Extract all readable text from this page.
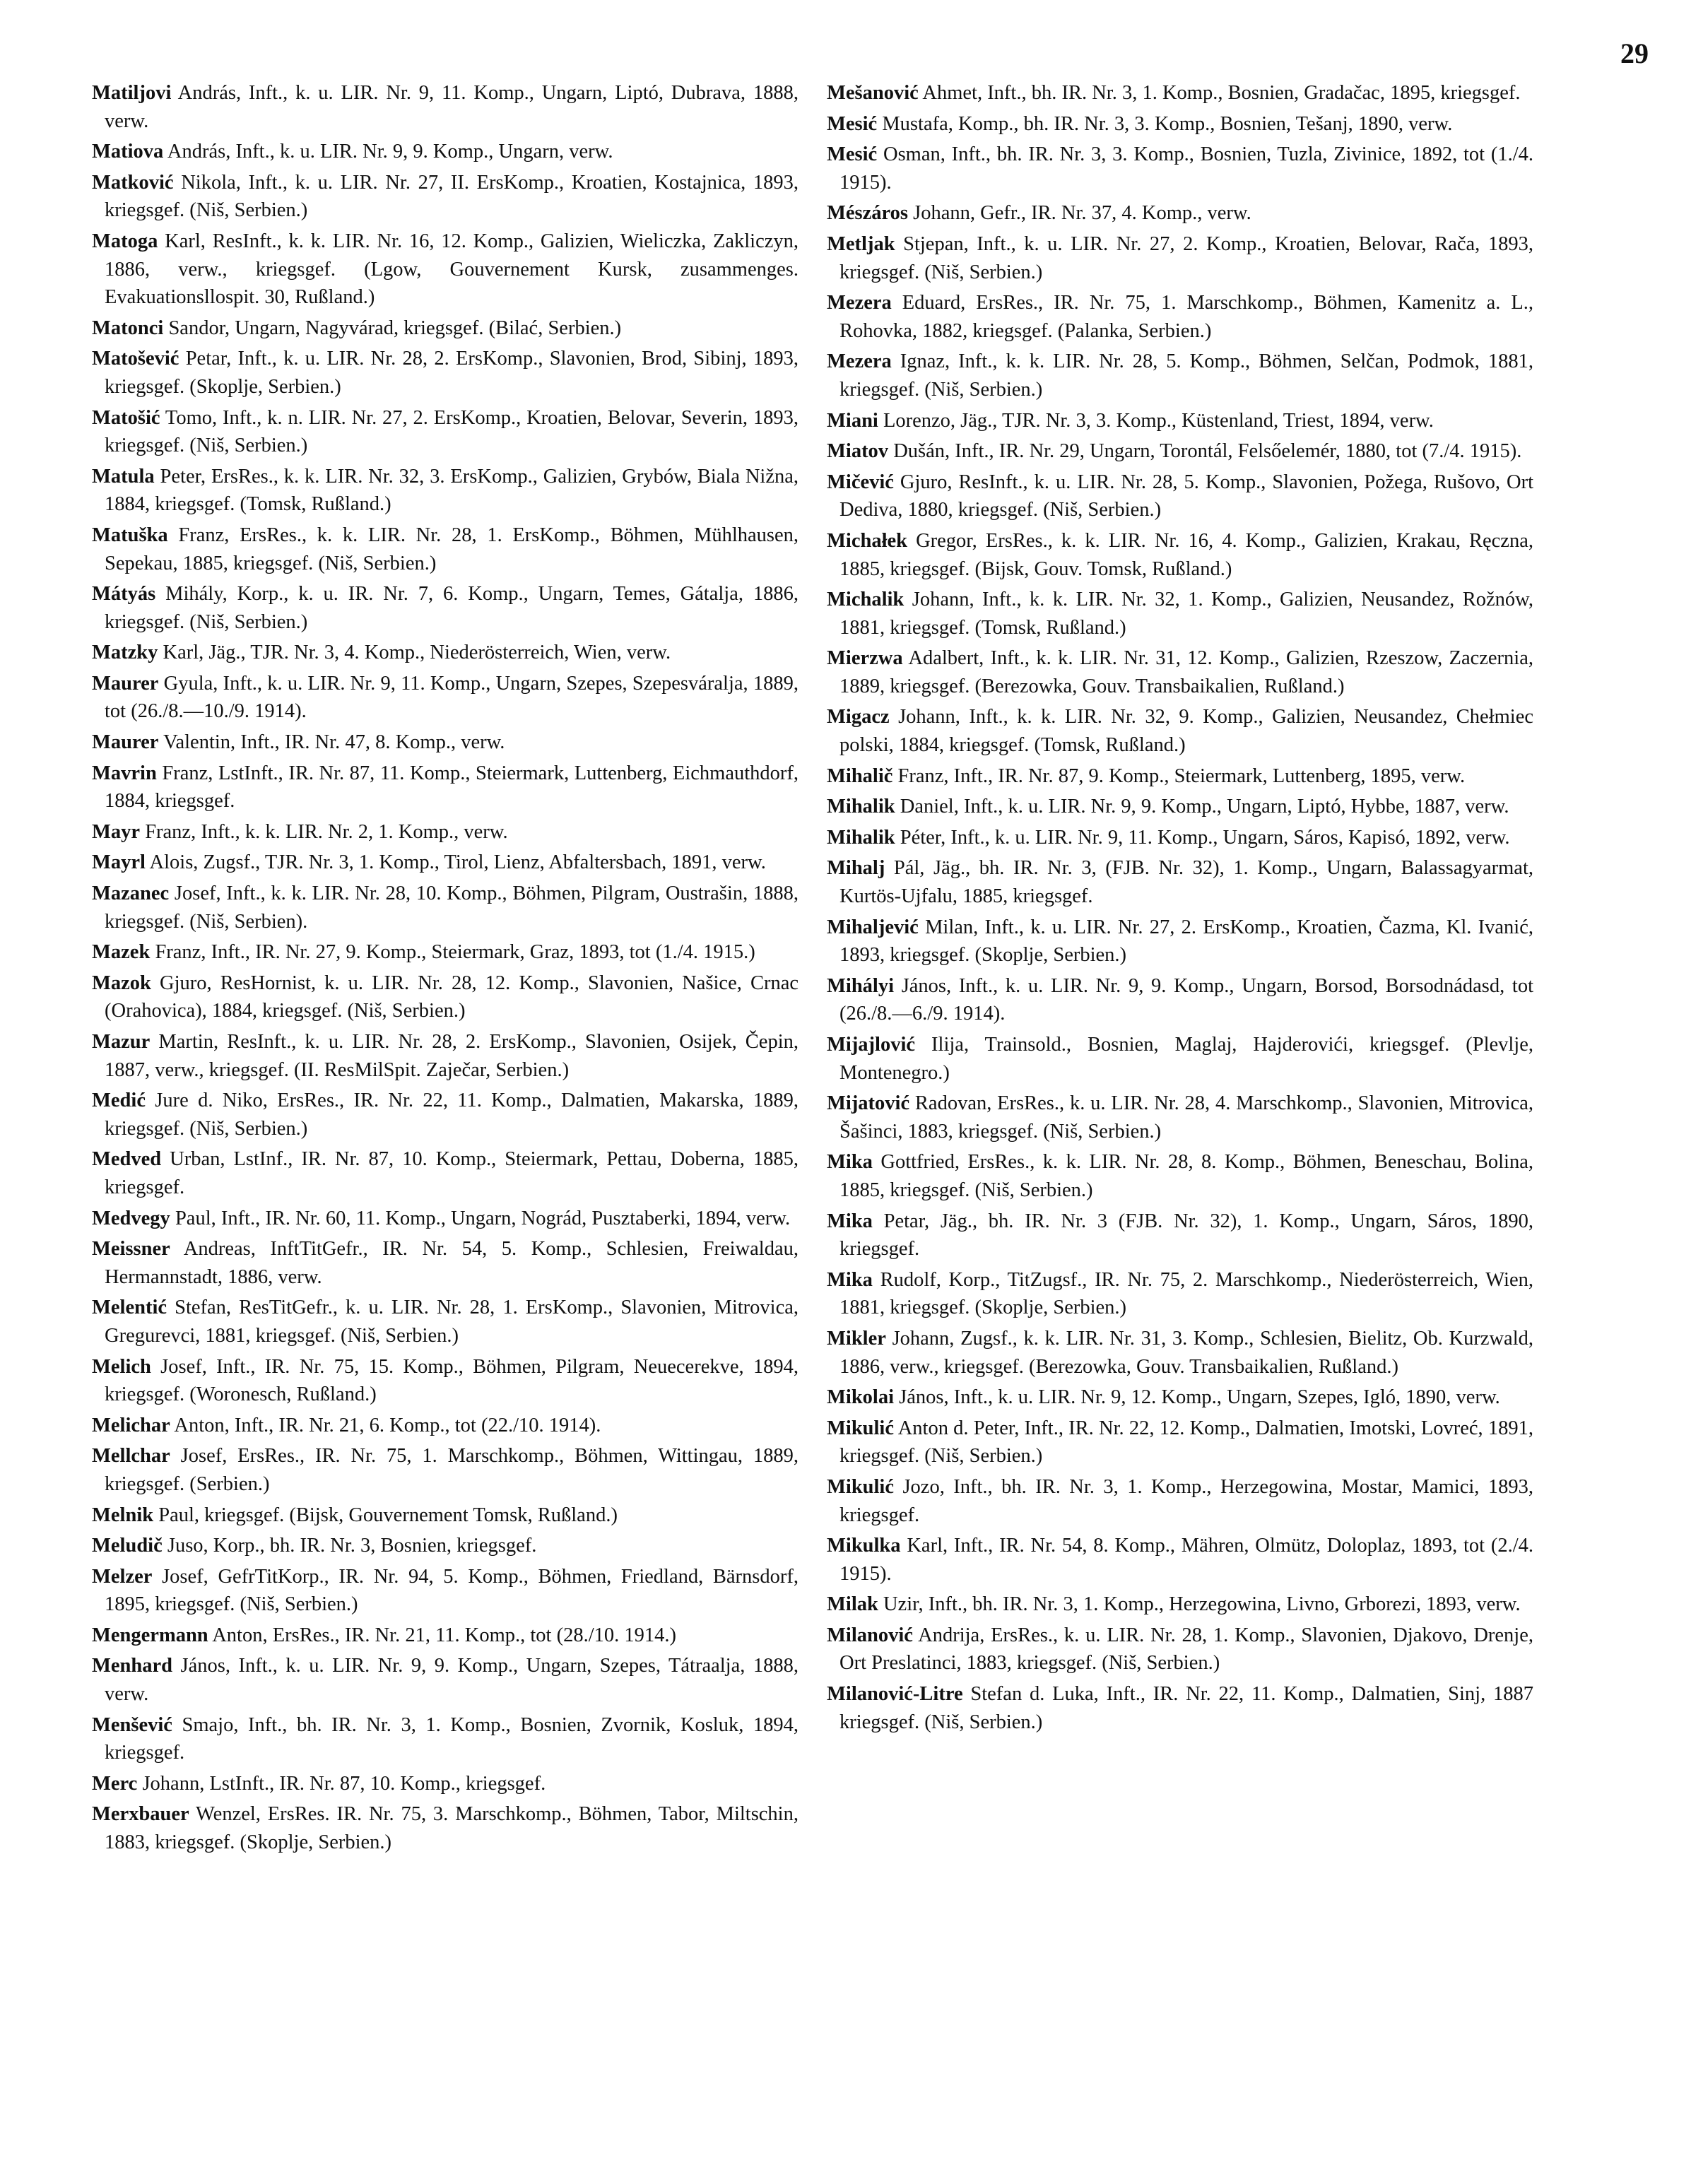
29

Matiljovi András, Inft., k. u. LIR. Nr. 9, 11. Komp., Ungarn, Liptó, Dubrava, 1888, verw.

Matiova András, Inft., k. u. LIR. Nr. 9, 9. Komp., Ungarn, verw.

Matković Nikola, Inft., k. u. LIR. Nr. 27, II. ErsKomp., Kroatien, Kostajnica, 1893, kriegsgef. (Niš, Serbien.)

Matoga Karl, ResInft., k. k. LIR. Nr. 16, 12. Komp., Galizien, Wieliczka, Zakliczyn, 1886, verw., kriegsgef. (Lgow, Gouvernement Kursk, zusammenges. Evakuationsllospit. 30, Rußland.)

Matonci Sandor, Ungarn, Nagyvárad, kriegsgef. (Bilać, Serbien.)

Matošević Petar, Inft., k. u. LIR. Nr. 28, 2. ErsKomp., Slavonien, Brod, Sibinj, 1893, kriegsgef. (Skoplje, Serbien.)

Matošić Tomo, Inft., k. n. LIR. Nr. 27, 2. ErsKomp., Kroatien, Belovar, Severin, 1893, kriegsgef. (Niš, Serbien.)

Matula Peter, ErsRes., k. k. LIR. Nr. 32, 3. ErsKomp., Galizien, Grybów, Biala Nižna, 1884, kriegsgef. (Tomsk, Rußland.)

Matuška Franz, ErsRes., k. k. LIR. Nr. 28, 1. ErsKomp., Böhmen, Mühlhausen, Sepekau, 1885, kriegsgef. (Niš, Serbien.)

Mátyás Mihály, Korp., k. u. IR. Nr. 7, 6. Komp., Ungarn, Temes, Gátalja, 1886, kriegsgef. (Niš, Serbien.)

Matzky Karl, Jäg., TJR. Nr. 3, 4. Komp., Niederösterreich, Wien, verw.

Maurer Gyula, Inft., k. u. LIR. Nr. 9, 11. Komp., Ungarn, Szepes, Szepesváralja, 1889, tot (26./8.—10./9. 1914).

Maurer Valentin, Inft., IR. Nr. 47, 8. Komp., verw.

Mavrin Franz, LstInft., IR. Nr. 87, 11. Komp., Steiermark, Luttenberg, Eichmauthdorf, 1884, kriegsgef.

Mayr Franz, Inft., k. k. LIR. Nr. 2, 1. Komp., verw.

Mayrl Alois, Zugsf., TJR. Nr. 3, 1. Komp., Tirol, Lienz, Abfaltersbach, 1891, verw.

Mazanec Josef, Inft., k. k. LIR. Nr. 28, 10. Komp., Böhmen, Pilgram, Oustrašin, 1888, kriegsgef. (Niš, Serbien).

Mazek Franz, Inft., IR. Nr. 27, 9. Komp., Steiermark, Graz, 1893, tot (1./4. 1915.)

Mazok Gjuro, ResHornist, k. u. LIR. Nr. 28, 12. Komp., Slavonien, Našice, Crnac (Orahovica), 1884, kriegsgef. (Niš, Serbien.)

Mazur Martin, ResInft., k. u. LIR. Nr. 28, 2. ErsKomp., Slavonien, Osijek, Čepin, 1887, verw., kriegsgef. (II. ResMilSpit. Zaječar, Serbien.)

Medić Jure d. Niko, ErsRes., IR. Nr. 22, 11. Komp., Dalmatien, Makarska, 1889, kriegsgef. (Niš, Serbien.)

Medved Urban, LstInf., IR. Nr. 87, 10. Komp., Steiermark, Pettau, Doberna, 1885, kriegsgef.

Medvegy Paul, Inft., IR. Nr. 60, 11. Komp., Ungarn, Nográd, Pusztaberki, 1894, verw.

Meissner Andreas, InftTitGefr., IR. Nr. 54, 5. Komp., Schlesien, Freiwaldau, Hermannstadt, 1886, verw.

Melentić Stefan, ResTitGefr., k. u. LIR. Nr. 28, 1. ErsKomp., Slavonien, Mitrovica, Gregurevci, 1881, kriegsgef. (Niš, Serbien.)

Melich Josef, Inft., IR. Nr. 75, 15. Komp., Böhmen, Pilgram, Neuecerekve, 1894, kriegsgef. (Woronesch, Rußland.)

Melichar Anton, Inft., IR. Nr. 21, 6. Komp., tot (22./10. 1914).

Mellchar Josef, ErsRes., IR. Nr. 75, 1. Marschkomp., Böhmen, Wittingau, 1889, kriegsgef. (Serbien.)

Melnik Paul, kriegsgef. (Bijsk, Gouvernement Tomsk, Rußland.)

Meludič Juso, Korp., bh. IR. Nr. 3, Bosnien, kriegsgef.

Melzer Josef, GefrTitKorp., IR. Nr. 94, 5. Komp., Böhmen, Friedland, Bärnsdorf, 1895, kriegsgef. (Niš, Serbien.)

Mengermann Anton, ErsRes., IR. Nr. 21, 11. Komp., tot (28./10. 1914.)

Menhard János, Inft., k. u. LIR. Nr. 9, 9. Komp., Ungarn, Szepes, Tátraalja, 1888, verw.

Menšević Smajo, Inft., bh. IR. Nr. 3, 1. Komp., Bosnien, Zvornik, Kosluk, 1894, kriegsgef.

Merc Johann, LstInft., IR. Nr. 87, 10. Komp., kriegsgef.

Merxbauer Wenzel, ErsRes. IR. Nr. 75, 3. Marschkomp., Böhmen, Tabor, Miltschin, 1883, kriegsgef. (Skoplje, Serbien.)

Mešanović Ahmet, Inft., bh. IR. Nr. 3, 1. Komp., Bosnien, Gradačac, 1895, kriegsgef.

Mesić Mustafa, Komp., bh. IR. Nr. 3, 3. Komp., Bosnien, Tešanj, 1890, verw.

Mesić Osman, Inft., bh. IR. Nr. 3, 3. Komp., Bosnien, Tuzla, Zivinice, 1892, tot (1./4. 1915).

Mészáros Johann, Gefr., IR. Nr. 37, 4. Komp., verw.

Metljak Stjepan, Inft., k. u. LIR. Nr. 27, 2. Komp., Kroatien, Belovar, Rača, 1893, kriegsgef. (Niš, Serbien.)

Mezera Eduard, ErsRes., IR. Nr. 75, 1. Marschkomp., Böhmen, Kamenitz a. L., Rohovka, 1882, kriegsgef. (Palanka, Serbien.)

Mezera Ignaz, Inft., k. k. LIR. Nr. 28, 5. Komp., Böhmen, Selčan, Podmok, 1881, kriegsgef. (Niš, Serbien.)

Miani Lorenzo, Jäg., TJR. Nr. 3, 3. Komp., Küstenland, Triest, 1894, verw.

Miatov Dušán, Inft., IR. Nr. 29, Ungarn, Torontál, Felsőelemér, 1880, tot (7./4. 1915).

Mičević Gjuro, ResInft., k. u. LIR. Nr. 28, 5. Komp., Slavonien, Požega, Rušovo, Ort Dediva, 1880, kriegsgef. (Niš, Serbien.)

Michałek Gregor, ErsRes., k. k. LIR. Nr. 16, 4. Komp., Galizien, Krakau, Ręczna, 1885, kriegsgef. (Bijsk, Gouv. Tomsk, Rußland.)

Michalik Johann, Inft., k. k. LIR. Nr. 32, 1. Komp., Galizien, Neusandez, Rožnów, 1881, kriegsgef. (Tomsk, Rußland.)

Mierzwa Adalbert, Inft., k. k. LIR. Nr. 31, 12. Komp., Galizien, Rzeszow, Zaczernia, 1889, kriegsgef. (Berezowka, Gouv. Transbaikalien, Rußland.)

Migacz Johann, Inft., k. k. LIR. Nr. 32, 9. Komp., Galizien, Neusandez, Chełmiec polski, 1884, kriegsgef. (Tomsk, Rußland.)

Mihalič Franz, Inft., IR. Nr. 87, 9. Komp., Steiermark, Luttenberg, 1895, verw.

Mihalik Daniel, Inft., k. u. LIR. Nr. 9, 9. Komp., Ungarn, Liptó, Hybbe, 1887, verw.

Mihalik Péter, Inft., k. u. LIR. Nr. 9, 11. Komp., Ungarn, Sáros, Kapisó, 1892, verw.

Mihalj Pál, Jäg., bh. IR. Nr. 3, (FJB. Nr. 32), 1. Komp., Ungarn, Balassagyarmat, Kurtös-Ujfalu, 1885, kriegsgef.

Mihaljević Milan, Inft., k. u. LIR. Nr. 27, 2. ErsKomp., Kroatien, Čazma, Kl. Ivanić, 1893, kriegsgef. (Skoplje, Serbien.)

Mihályi János, Inft., k. u. LIR. Nr. 9, 9. Komp., Ungarn, Borsod, Borsodnádasd, tot (26./8.—6./9. 1914).

Mijajlović Ilija, Trainsold., Bosnien, Maglaj, Hajderovići, kriegsgef. (Plevlje, Montenegro.)

Mijatović Radovan, ErsRes., k. u. LIR. Nr. 28, 4. Marschkomp., Slavonien, Mitrovica, Šašinci, 1883, kriegsgef. (Niš, Serbien.)

Mika Gottfried, ErsRes., k. k. LIR. Nr. 28, 8. Komp., Böhmen, Beneschau, Bolina, 1885, kriegsgef. (Niš, Serbien.)

Mika Petar, Jäg., bh. IR. Nr. 3 (FJB. Nr. 32), 1. Komp., Ungarn, Sáros, 1890, kriegsgef.

Mika Rudolf, Korp., TitZugsf., IR. Nr. 75, 2. Marschkomp., Niederösterreich, Wien, 1881, kriegsgef. (Skoplje, Serbien.)

Mikler Johann, Zugsf., k. k. LIR. Nr. 31, 3. Komp., Schlesien, Bielitz, Ob. Kurzwald, 1886, verw., kriegsgef. (Berezowka, Gouv. Transbaikalien, Rußland.)

Mikolai János, Inft., k. u. LIR. Nr. 9, 12. Komp., Ungarn, Szepes, Igló, 1890, verw.

Mikulić Anton d. Peter, Inft., IR. Nr. 22, 12. Komp., Dalmatien, Imotski, Lovreć, 1891, kriegsgef. (Niš, Serbien.)

Mikulić Jozo, Inft., bh. IR. Nr. 3, 1. Komp., Herzegowina, Mostar, Mamici, 1893, kriegsgef.

Mikulka Karl, Inft., IR. Nr. 54, 8. Komp., Mähren, Olmütz, Doloplaz, 1893, tot (2./4. 1915).

Milak Uzir, Inft., bh. IR. Nr. 3, 1. Komp., Herzegowina, Livno, Grborezi, 1893, verw.

Milanović Andrija, ErsRes., k. u. LIR. Nr. 28, 1. Komp., Slavonien, Djakovo, Drenje, Ort Preslatinci, 1883, kriegsgef. (Niš, Serbien.)

Milanović-Litre Stefan d. Luka, Inft., IR. Nr. 22, 11. Komp., Dalmatien, Sinj, 1887 kriegsgef. (Niš, Serbien.)
